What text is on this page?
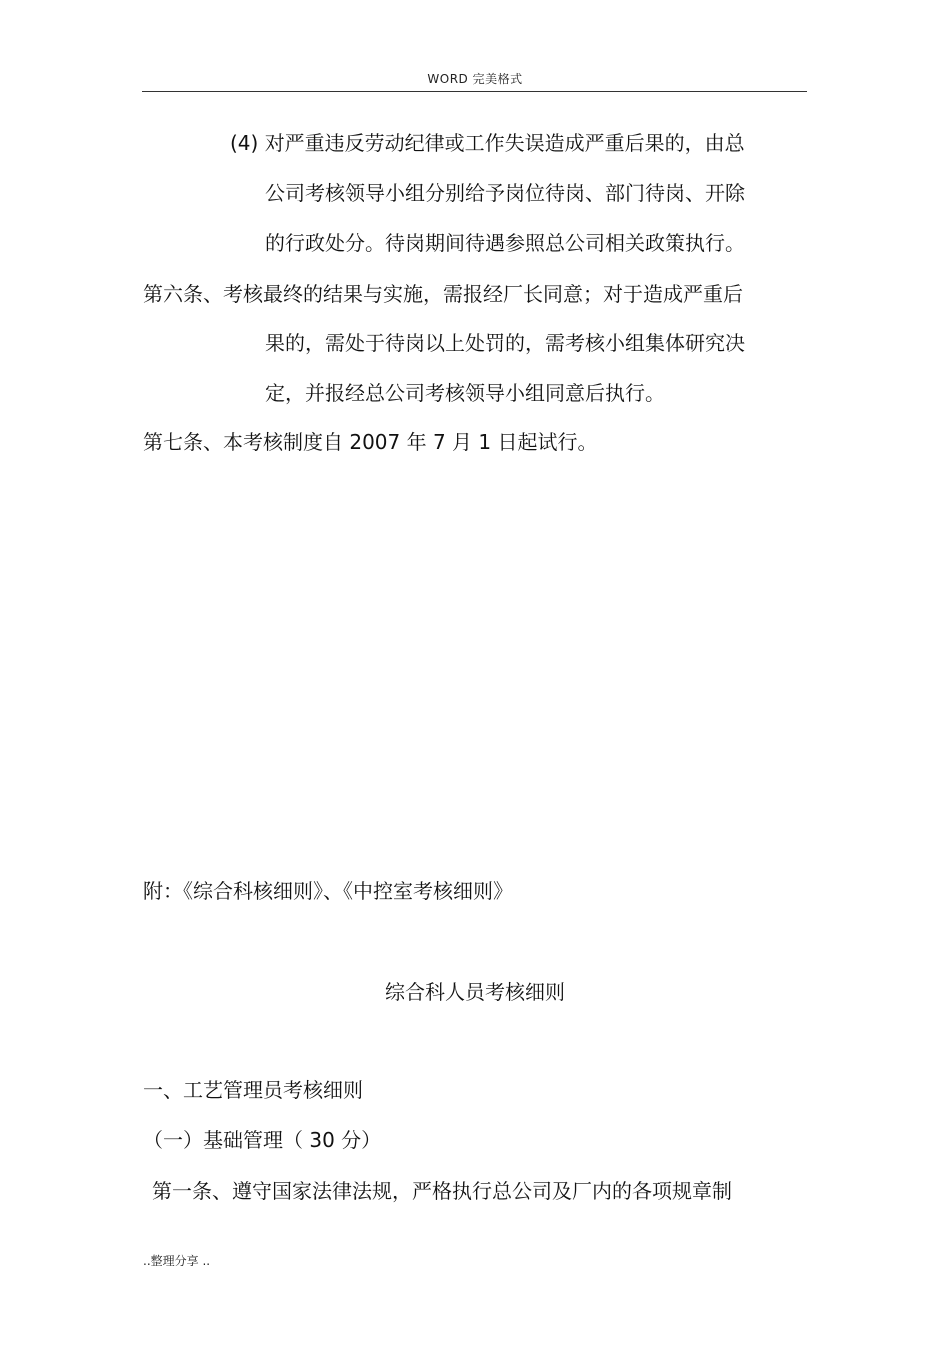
WORD 完美格式
(4) 对严重违反劳动纪律或工作失误造成严重后果的，由总
公司考核领导小组分别给予岗位待岗、部门待岗、开除
的行政处分。待岗期间待遇参照总公司相关政策执行。
第六条、考核最终的结果与实施，需报经厂长同意；对于造成严重后
果的，需处于待岗以上处罚的，需考核小组集体研究决
定，并报经总公司考核领导小组同意后执行。
第七条、本考核制度自 2007 年 7 月 1 日起试行。
附：《综合科核细则》、《中控室考核细则》
综合科人员考核细则
一、工艺管理员考核细则
（一）基础管理（ 30 分）
第一条、遵守国家法律法规，严格执行总公司及厂内的各项规章制
..整理分享 ..
